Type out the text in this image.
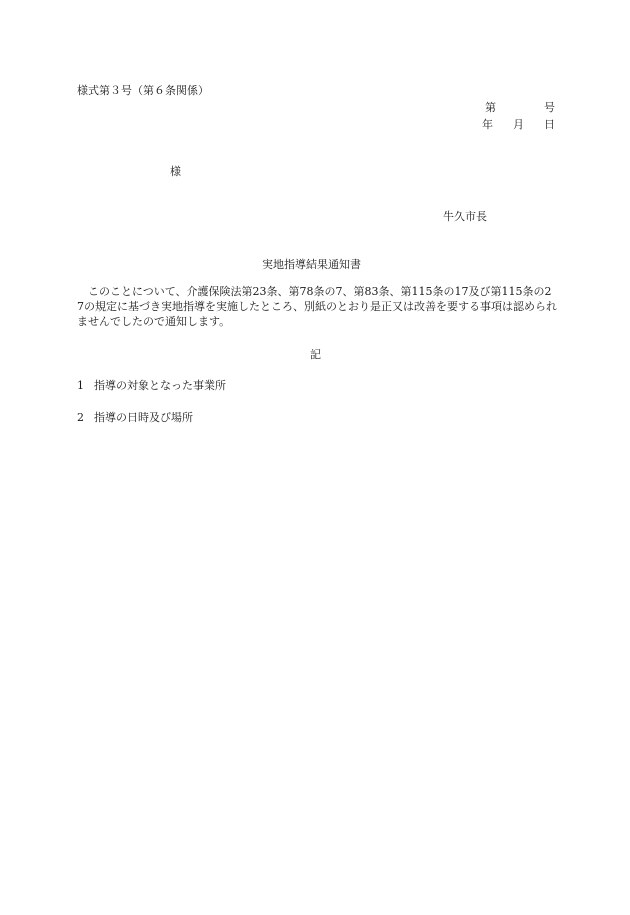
様式第３号（第６条関係）
第	号
年 月 日
様
牛久市長
実地指導結果通知書
このことについて、介護保険法第23条、第78条の7、第83条、第115条の17及び第115条の27の規定に基づき実地指導を実施したところ、別紙のとおり是正又は改善を要する事項は認められませんでしたので通知します。
記
1 指導の対象となった事業所
2 指導の日時及び場所
